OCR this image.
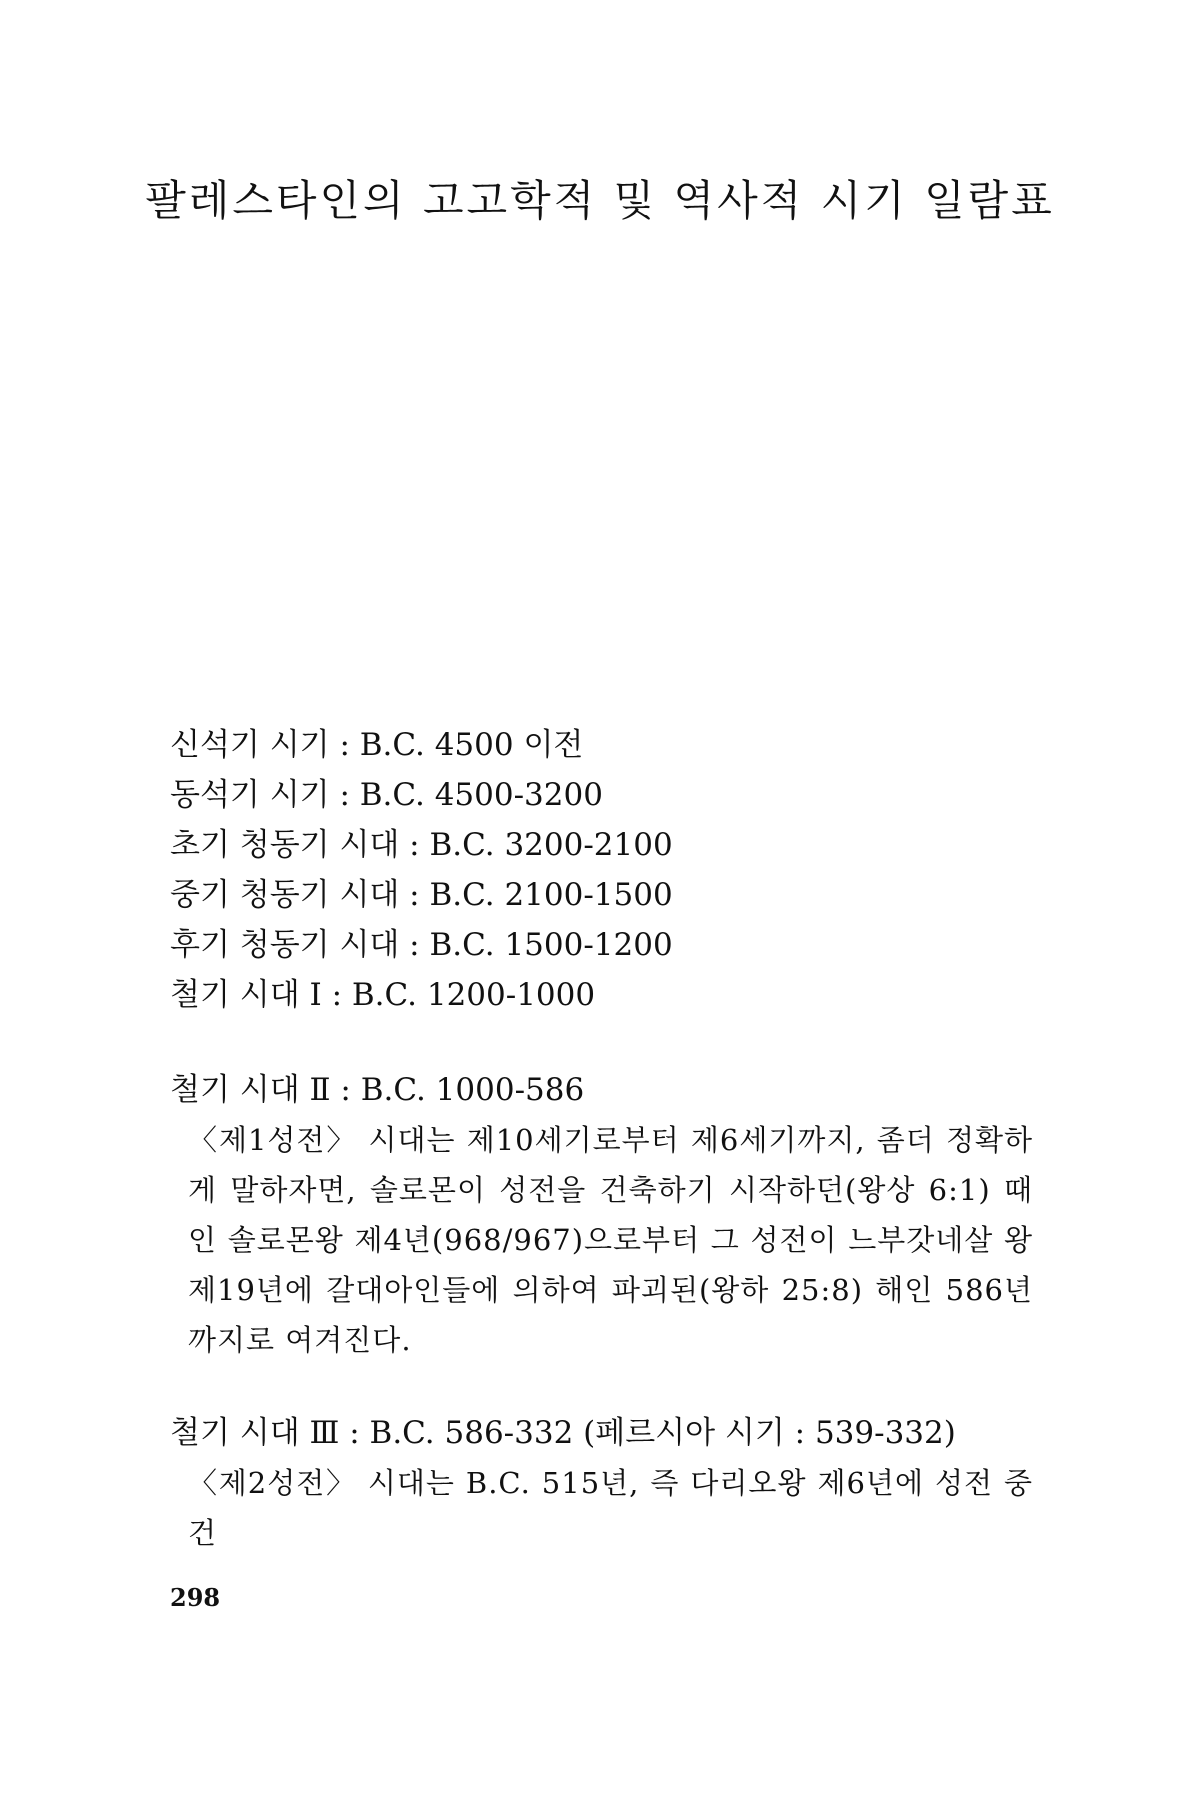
팔레스타인의 고고학적 및 역사적 시기 일람표
신석기 시기 : B.C. 4500 이전
동석기 시기 : B.C. 4500-3200
초기 청동기 시대 : B.C. 3200-2100
중기 청동기 시대 : B.C. 2100-1500
후기 청동기 시대 : B.C. 1500-1200
철기 시대 Ⅰ : B.C. 1200-1000

철기 시대 Ⅱ : B.C. 1000-586

〈제1성전〉 시대는 제10세기로부터 제6세기까지, 좀더 정확하게 말하자면, 솔로몬이 성전을 건축하기 시작하던(왕상 6:1) 때인 솔로몬왕 제4년(968/967)으로부터 그 성전이 느부갓네살 왕 제19년에 갈대아인들에 의하여 파괴된(왕하 25:8) 해인 586년까지로 여겨진다.

철기 시대 Ⅲ : B.C. 586-332 (페르시아 시기 : 539-332)

〈제2성전〉 시대는 B.C. 515년, 즉 다리오왕 제6년에 성전 중건

298
